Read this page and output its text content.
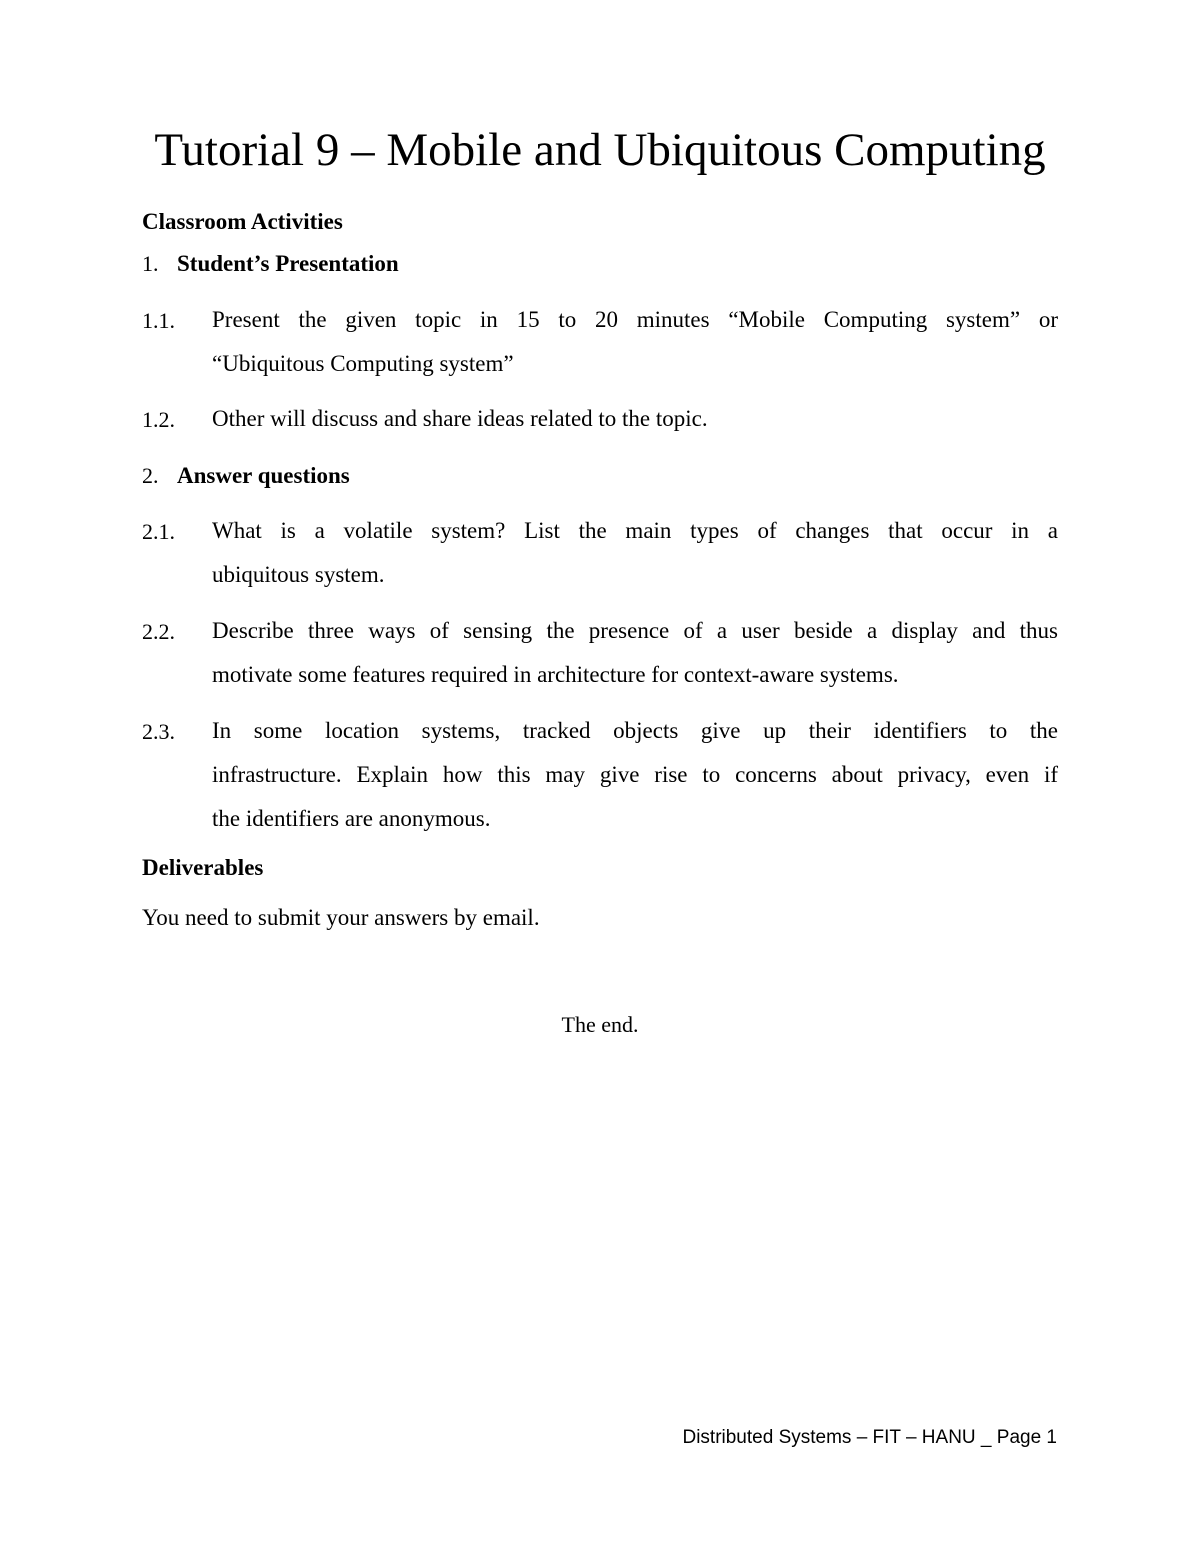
Tutorial 9 – Mobile and Ubiquitous Computing
Classroom Activities
1. Student’s Presentation
1.1. Present the given topic in 15 to 20 minutes “Mobile Computing system” or
“Ubiquitous Computing system”
1.2. Other will discuss and share ideas related to the topic.
2. Answer questions
2.1. What is a volatile system? List the main types of changes that occur in a
ubiquitous system.
2.2. Describe three ways of sensing the presence of a user beside a display and thus
motivate some features required in architecture for context-aware systems.
2.3. In some location systems, tracked objects give up their identifiers to the
infrastructure. Explain how this may give rise to concerns about privacy, even if
the identifiers are anonymous.
Deliverables
You need to submit your answers by email.
The end.
Distributed Systems – FIT – HANU _ Page 1
